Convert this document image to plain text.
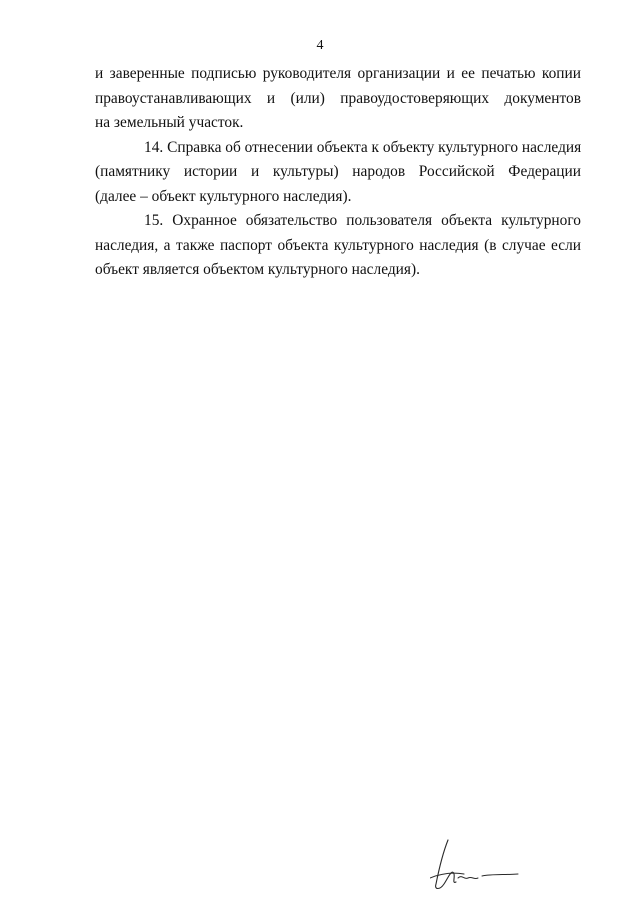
4

и заверенные подписью руководителя организации и ее печатью копии
правоустанавливающих и (или) правоудостоверяющих документов
на земельный участок.

14. Справка об отнесении объекта к объекту культурного наследия
(памятнику истории и культуры) народов Российской Федерации
(далее – объект культурного наследия).

15. Охранное обязательство пользователя объекта культурного
наследия, а также паспорт объекта культурного наследия (в случае если
объект является объектом культурного наследия).
